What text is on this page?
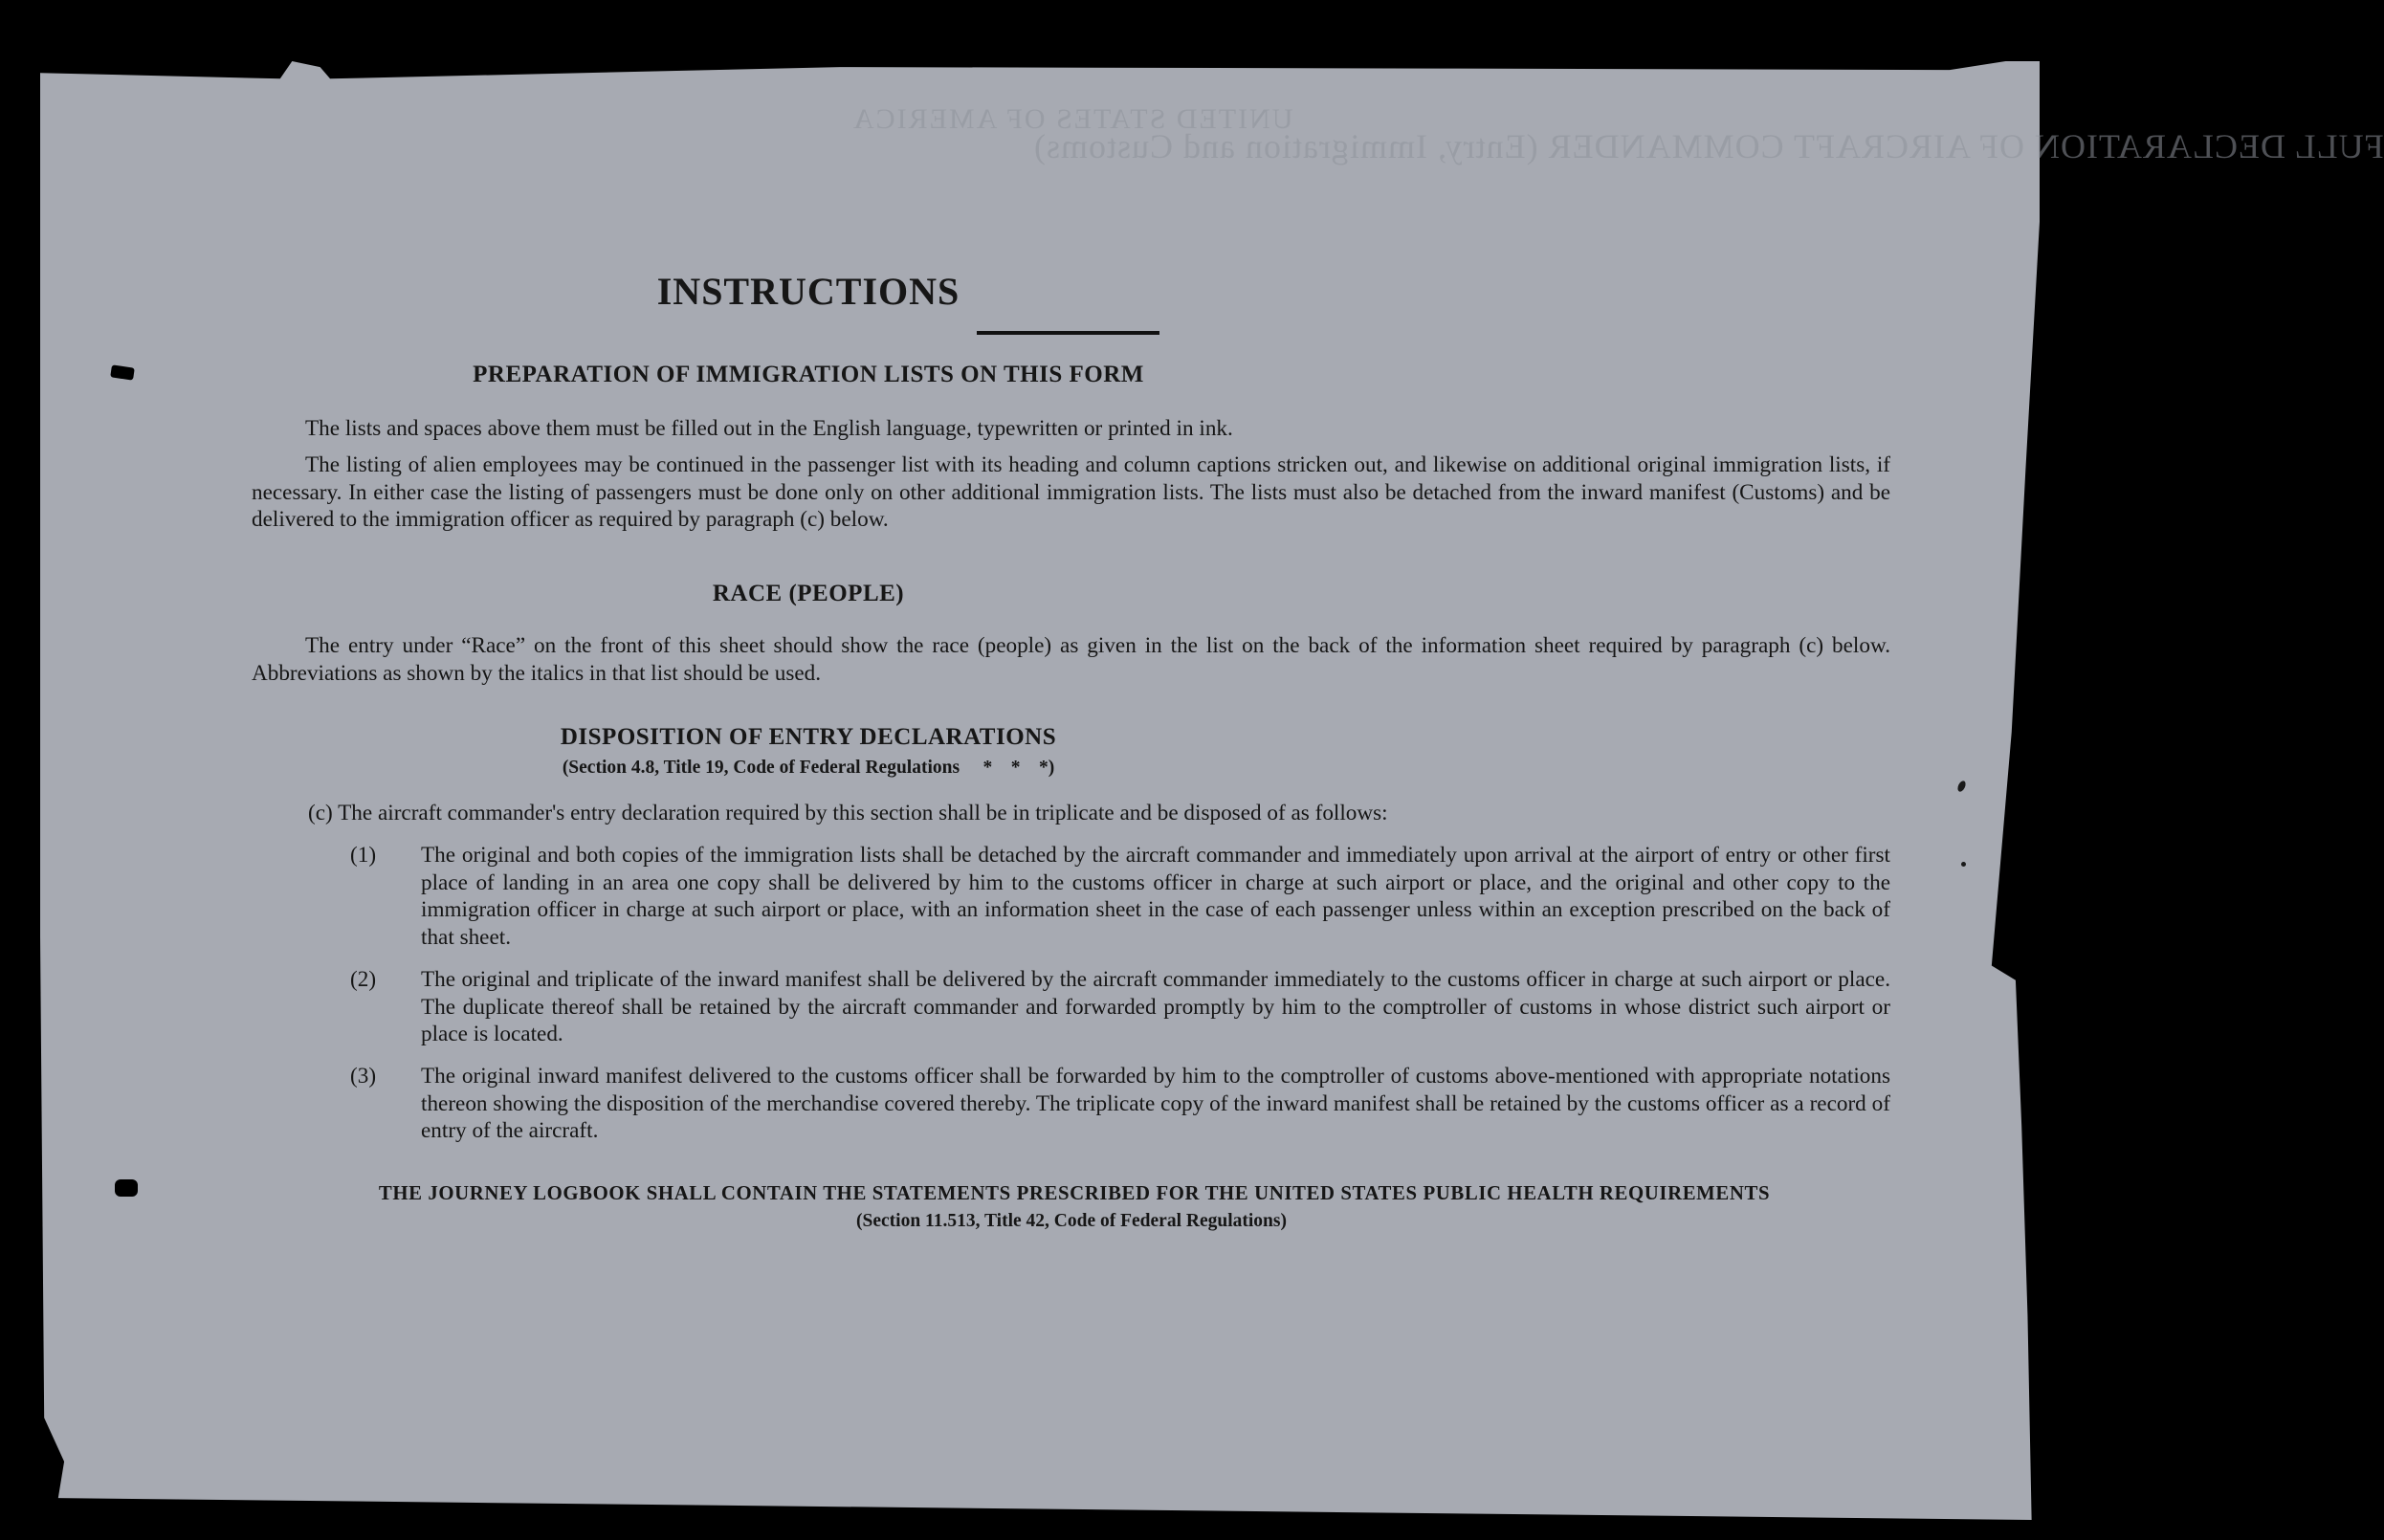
UNITED STATES OF AMERICA
FULL DECLARATION OF AIRCRAFT COMMANDER (Entry, Immigration and Customs)
INSTRUCTIONS
PREPARATION OF IMMIGRATION LISTS ON THIS FORM

The lists and spaces above them must be filled out in the English language, typewritten or printed in ink.

The listing of alien employees may be continued in the passenger list with its heading and column captions stricken out, and likewise on additional original immigration lists, if necessary. In either case the listing of passengers must be done only on other additional immigration lists. The lists must also be detached from the inward manifest (Customs) and be delivered to the immigration officer as required by paragraph (c) below.

RACE (PEOPLE)

The entry under “Race” on the front of this sheet should show the race (people) as given in the list on the back of the information sheet required by paragraph (c) below. Abbreviations as shown by the italics in that list should be used.

DISPOSITION OF ENTRY DECLARATIONS
(Section 4.8, Title 19, Code of Federal Regulations  * * *)

(c) The aircraft commander's entry declaration required by this section shall be in triplicate and be disposed of as follows:

(1) The original and both copies of the immigration lists shall be detached by the aircraft commander and immediately upon arrival at the airport of entry or other first place of landing in an area one copy shall be delivered by him to the customs officer in charge at such airport or place, and the original and other copy to the immigration officer in charge at such airport or place, with an information sheet in the case of each passenger unless within an exception prescribed on the back of that sheet.

(2) The original and triplicate of the inward manifest shall be delivered by the aircraft commander immediately to the customs officer in charge at such airport or place. The duplicate thereof shall be retained by the aircraft commander and forwarded promptly by him to the comptroller of customs in whose district such airport or place is located.

(3) The original inward manifest delivered to the customs officer shall be forwarded by him to the comptroller of customs above-mentioned with appropriate notations thereon showing the disposition of the merchandise covered thereby. The triplicate copy of the inward manifest shall be retained by the customs officer as a record of entry of the aircraft.

THE JOURNEY LOGBOOK SHALL CONTAIN THE STATEMENTS PRESCRIBED FOR THE UNITED STATES PUBLIC HEALTH REQUIREMENTS
(Section 11.513, Title 42, Code of Federal Regulations)
